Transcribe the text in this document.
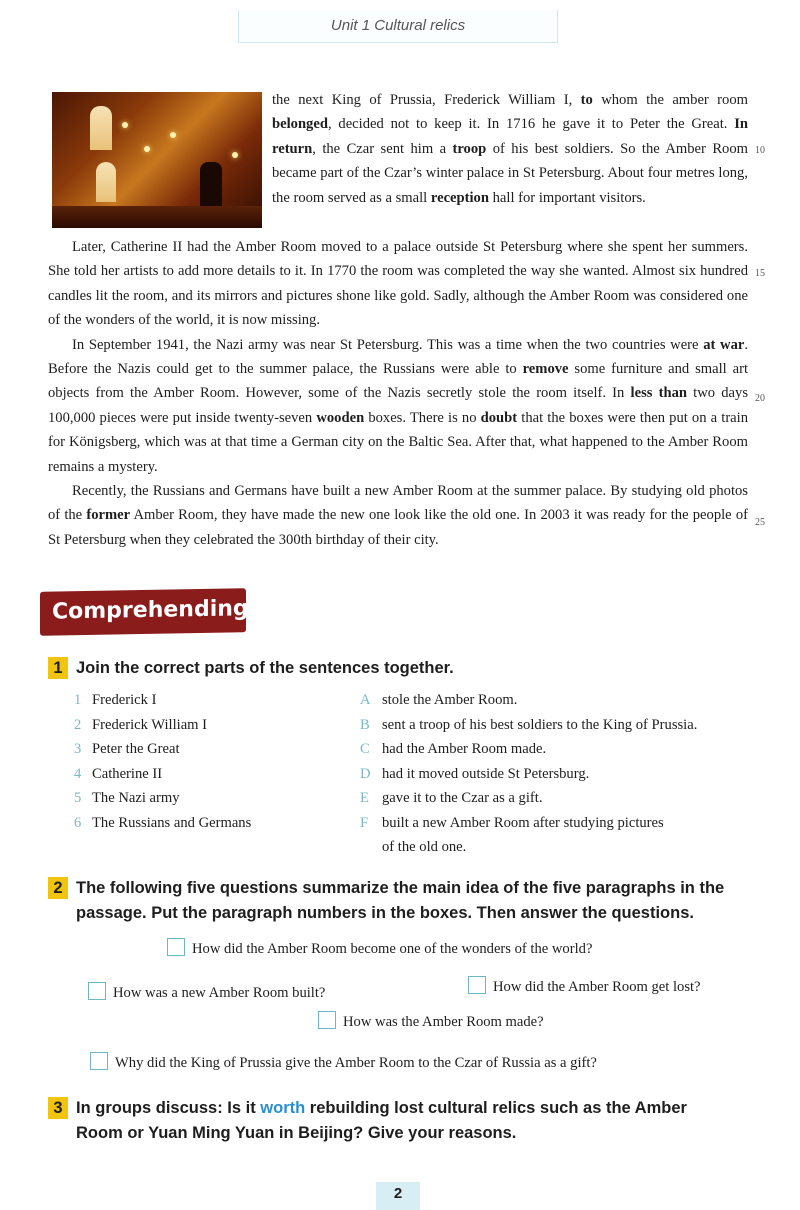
Unit 1 Cultural relics

the next King of Prussia, Frederick William I, to whom the amber room belonged, decided not to keep it. In 1716 he gave it to Peter the Great. In return, the Czar sent him a troop of his best soldiers. So the Amber Room became part of the Czar’s winter palace in St Petersburg. About four metres long, the room served as a small reception hall for important visitors.

Later, Catherine II had the Amber Room moved to a palace outside St Petersburg where she spent her summers. She told her artists to add more details to it. In 1770 the room was completed the way she wanted. Almost six hundred candles lit the room, and its mirrors and pictures shone like gold. Sadly, although the Amber Room was considered one of the wonders of the world, it is now missing.

In September 1941, the Nazi army was near St Petersburg. This was a time when the two countries were at war. Before the Nazis could get to the summer palace, the Russians were able to remove some furniture and small art objects from the Amber Room. However, some of the Nazis secretly stole the room itself. In less than two days 100,000 pieces were put inside twenty-seven wooden boxes. There is no doubt that the boxes were then put on a train for Königsberg, which was at that time a German city on the Baltic Sea. After that, what happened to the Amber Room remains a mystery.

Recently, the Russians and Germans have built a new Amber Room at the summer palace. By studying old photos of the former Amber Room, they have made the new one look like the old one. In 2003 it was ready for the people of St Petersburg when they celebrated the 300th birthday of their city.

10
15
20
25
Comprehending
1 Join the correct parts of the sentences together.
1 Frederick I
2 Frederick William I
3 Peter the Great
4 Catherine II
5 The Nazi army
6 The Russians and Germans
A stole the Amber Room.
B sent a troop of his best soldiers to the King of Prussia.
C had the Amber Room made.
D had it moved outside St Petersburg.
E gave it to the Czar as a gift.
F built a new Amber Room after studying pictures
of the old one.
2 The following five questions summarize the main idea of the five paragraphs in the
passage. Put the paragraph numbers in the boxes. Then answer the questions.
How did the Amber Room become one of the wonders of the world?
How was a new Amber Room built?	How did the Amber Room get lost?
How was the Amber Room made?
Why did the King of Prussia give the Amber Room to the Czar of Russia as a gift?
3 In groups discuss: Is it worth rebuilding lost cultural relics such as the Amber
Room or Yuan Ming Yuan in Beijing? Give your reasons.
2
